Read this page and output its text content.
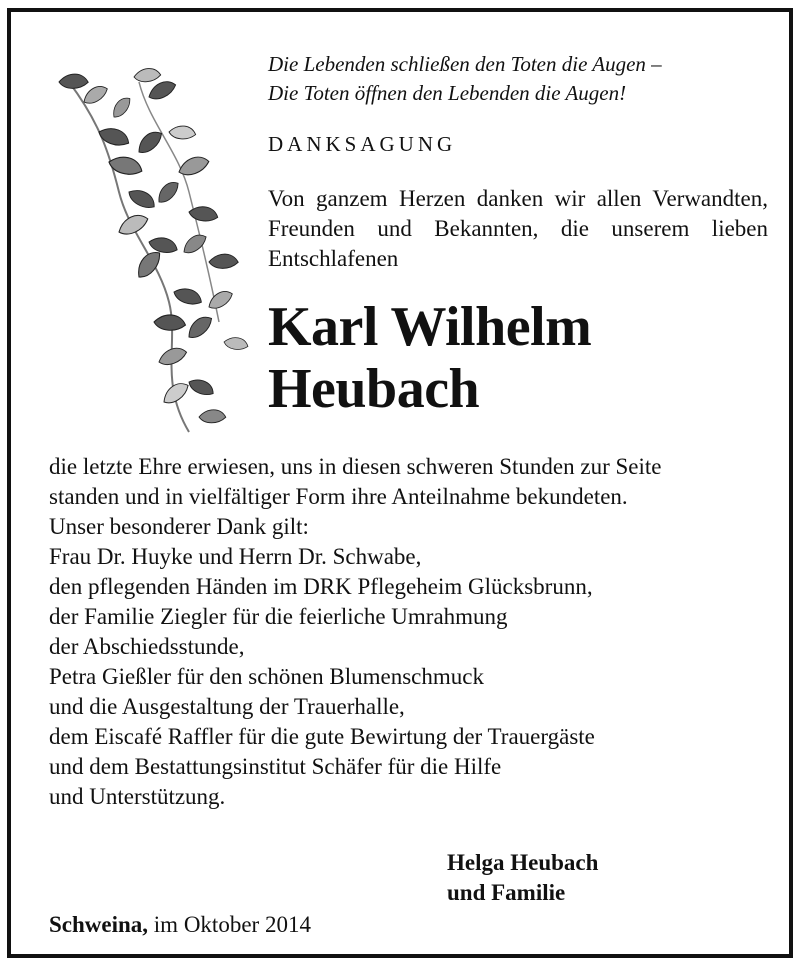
Die Lebenden schließen den Toten die Augen –
Die Toten öffnen den Lebenden die Augen!
DANKSAGUNG
Von ganzem Herzen danken wir allen Verwandten, Freunden und Bekannten, die unserem lieben Entschlafenen
Karl Wilhelm
Heubach
die letzte Ehre erwiesen, uns in diesen schweren Stunden zur Seite
standen und in vielfältiger Form ihre Anteilnahme bekundeten.
Unser besonderer Dank gilt:
Frau Dr. Huyke und Herrn Dr. Schwabe,
den pflegenden Händen im DRK Pflegeheim Glücksbrunn,
der Familie Ziegler für die feierliche Umrahmung
der Abschiedsstunde,
Petra Gießler für den schönen Blumenschmuck
und die Ausgestaltung der Trauerhalle,
dem Eiscafé Raffler für die gute Bewirtung der Trauergäste
und dem Bestattungsinstitut Schäfer für die Hilfe
und Unterstützung.
Helga Heubach
und Familie
Schweina, im Oktober 2014
